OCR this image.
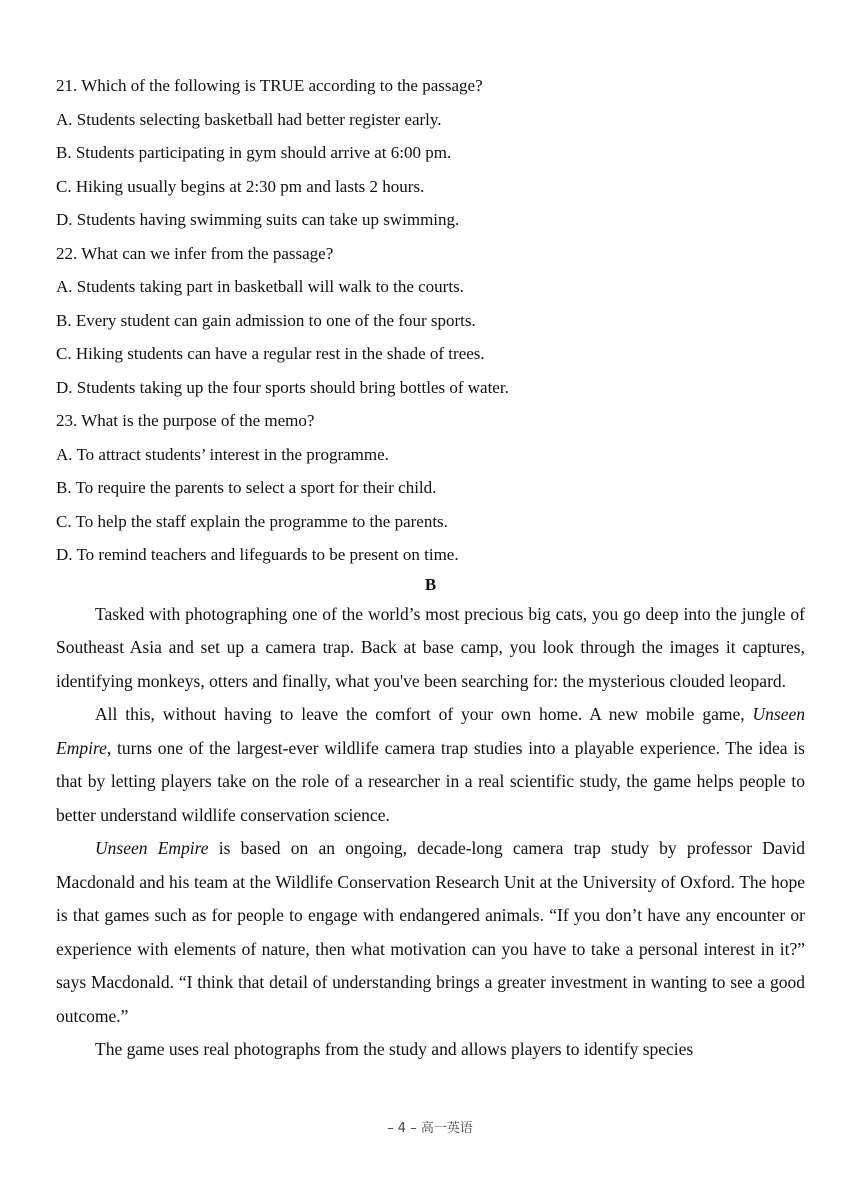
21. Which of the following is TRUE according to the passage?

A. Students selecting basketball had better register early.

B. Students participating in gym should arrive at 6:00 pm.

C. Hiking usually begins at 2:30 pm and lasts 2 hours.

D. Students having swimming suits can take up swimming.

22. What can we infer from the passage?

A. Students taking part in basketball will walk to the courts.

B. Every student can gain admission to one of the four sports.

C. Hiking students can have a regular rest in the shade of trees.

D. Students taking up the four sports should bring bottles of water.

23. What is the purpose of the memo?

A. To attract students’ interest in the programme.

B. To require the parents to select a sport for their child.

C. To help the staff explain the programme to the parents.

D. To remind teachers and lifeguards to be present on time.

B

Tasked with photographing one of the world’s most precious big cats, you go deep into the jungle of Southeast Asia and set up a camera trap. Back at base camp, you look through the images it captures, identifying monkeys, otters and finally, what you've been searching for: the mysterious clouded leopard.

All this, without having to leave the comfort of your own home. A new mobile game, Unseen Empire, turns one of the largest-ever wildlife camera trap studies into a playable experience. The idea is that by letting players take on the role of a researcher in a real scientific study, the game helps people to better understand wildlife conservation science.

Unseen Empire is based on an ongoing, decade-long camera trap study by professor David Macdonald and his team at the Wildlife Conservation Research Unit at the University of Oxford. The hope is that games such as for people to engage with endangered animals. “If you don’t have any encounter or experience with elements of nature, then what motivation can you have to take a personal interest in it?” says Macdonald. “I think that detail of understanding brings a greater investment in wanting to see a good outcome.”

The game uses real photographs from the study and allows players to identify species

– 4 – 高一英语
